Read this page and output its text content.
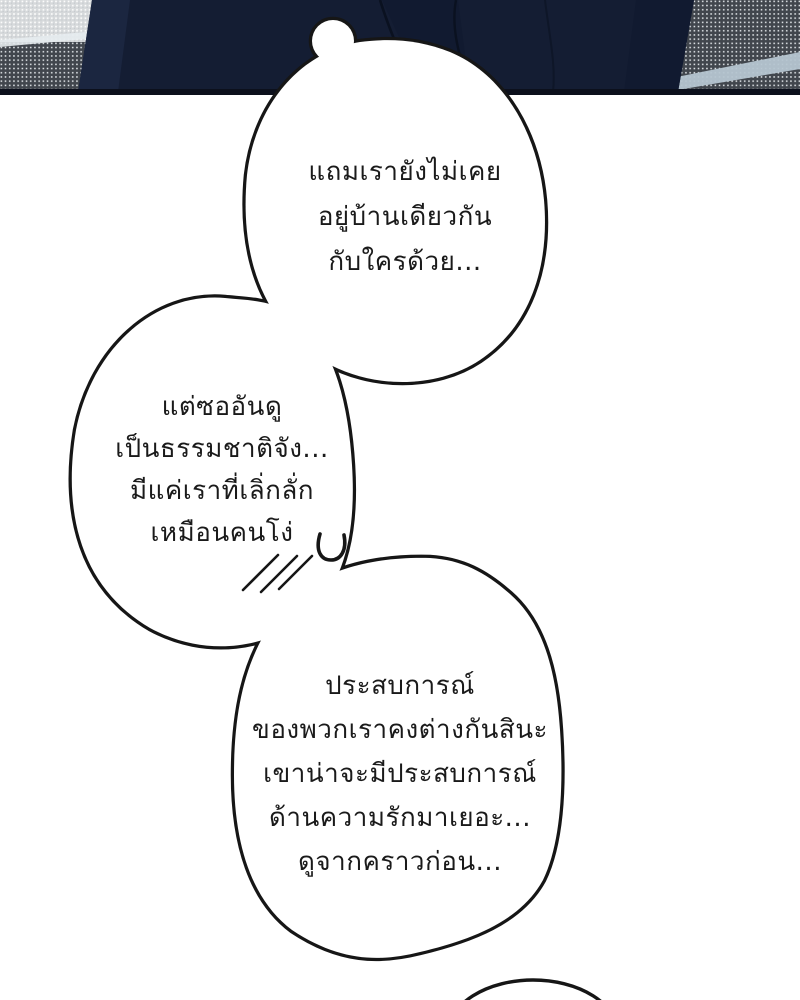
แถมเรายังไม่เคย
อยู่บ้านเดียวกัน
กับใครด้วย...
แต่ซออันดู
เป็นธรรมชาติจัง...
มีแค่เราที่เลิ่กลั่ก
เหมือนคนโง่
ประสบการณ์
ของพวกเราคงต่างกันสินะ
เขาน่าจะมีประสบการณ์
ด้านความรักมาเยอะ...
ดูจากคราวก่อน...
